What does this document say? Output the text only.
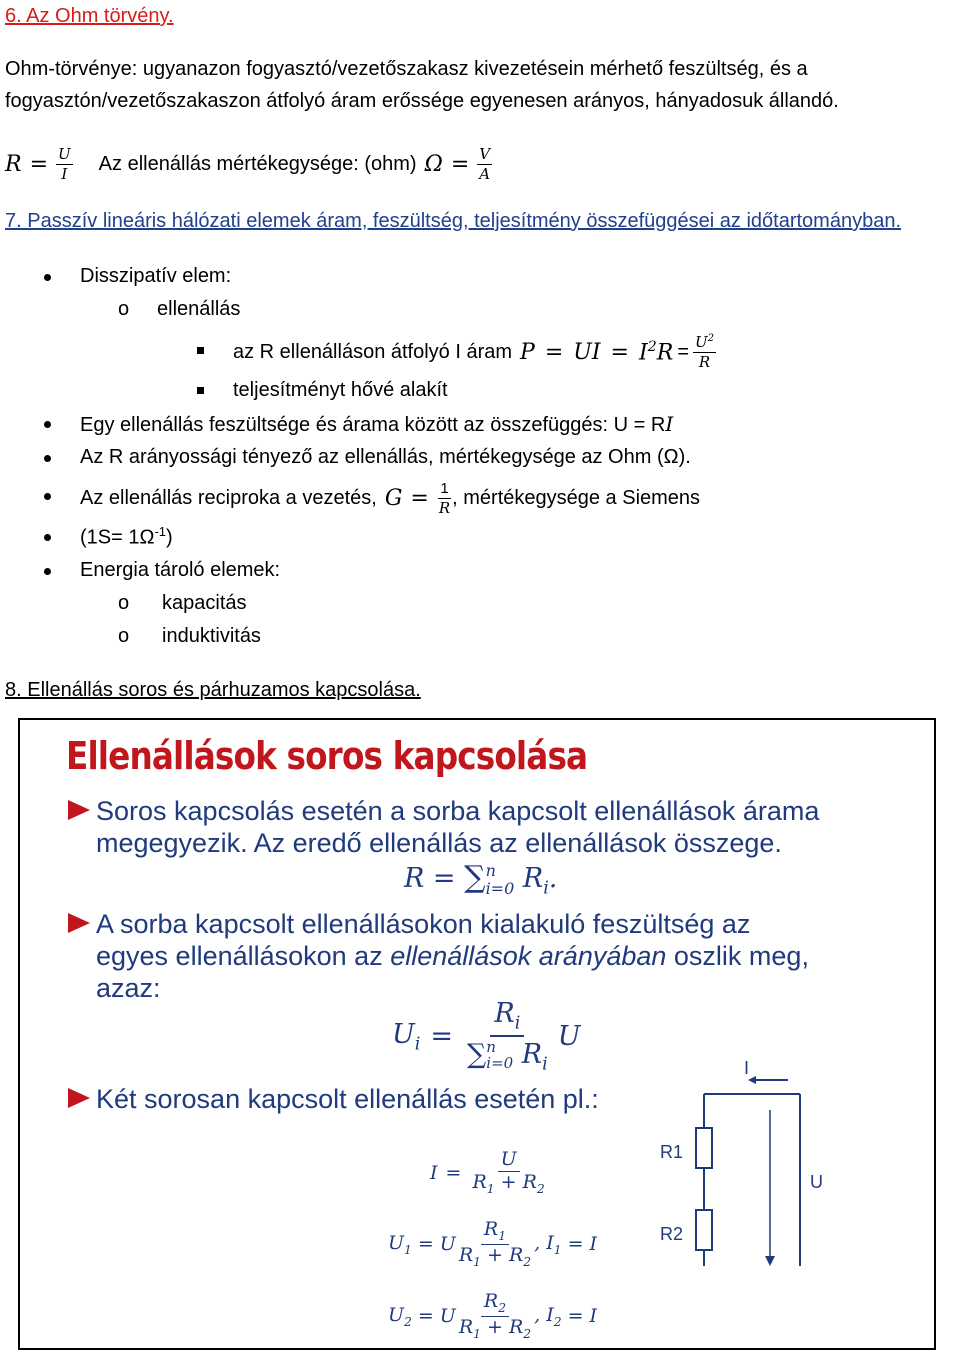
6. Az Ohm törvény.
Ohm-törvénye: ugyanazon fogyasztó/vezetőszakasz kivezetésein mérhető feszültség, és a
fogyasztón/vezetőszakaszon átfolyó áram erőssége egyenesen arányos, hányadosuk állandó.
$R = \frac{U}{I}$ Az ellenállás mértékegysége: (ohm) $\Omega = \frac{V}{A}$
7. Passzív lineáris hálózati elemek áram, feszültség, teljesítmény összefüggései az időtartományban.
Disszipatív elem:
o ellenállás
az R ellenálláson átfolyó I áram P = UI = $I^2R = \frac{U^2}{R}$
teljesítményt hővé alakít
Egy ellenállás feszültsége és árama között az összefüggés: U = RI
Az R arányossági tényező az ellenállás, mértékegysége az Ohm (Ω).
Az ellenállás reciproka a vezetés, $G = \frac{1}{R}$ , mértékegysége a Siemens
$(1S= 1\Omega^{-1})$
Energia tároló elemek:
o kapacitás
o induktivitás
8. Ellenállás soros és párhuzamos kapcsolása.
Ellenállások soros kapcsolása
Soros kapcsolás esetén a sorba kapcsolt ellenállások árama
megegyezik. Az eredő ellenállás az ellenállások összege.
R = ∑ n
i=0 $R_i$.
A sorba kapcsolt ellenállásokon kialakuló feszültség az
egyes ellenállásokon az ellenállások arányában oszlik meg,
azaz:
$U_i = R_i$
∑ n
i=0 $R_i$ U
Két sorosan kapcsolt ellenállás esetén pl.:
$I = \frac{U}{R_1 + R_2}$
$U_1 = U \frac{R_1}{R_1 + R_2}$ , $I_1 = I$
$U_2 = U \frac{R_2}{R_1 + R_2}$ , $I_2 = I$
I
R1
R2
U
